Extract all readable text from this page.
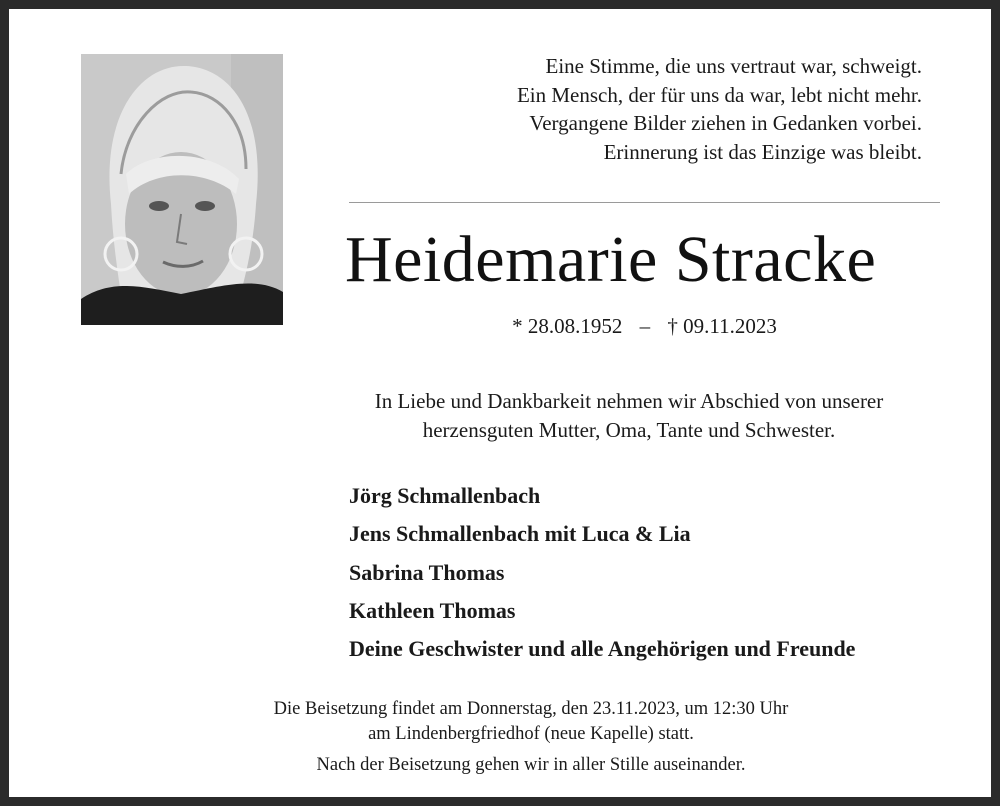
Eine Stimme, die uns vertraut war, schweigt.
Ein Mensch, der für uns da war, lebt nicht mehr.
Vergangene Bilder ziehen in Gedanken vorbei.
Erinnerung ist das Einzige was bleibt.
Heidemarie Stracke
* 28.08.1952 – † 09.11.2023
In Liebe und Dankbarkeit nehmen wir Abschied von unserer
herzensguten Mutter, Oma, Tante und Schwester.
Jörg Schmallenbach
Jens Schmallenbach mit Luca & Lia
Sabrina Thomas
Kathleen Thomas
Deine Geschwister und alle Angehörigen und Freunde
Die Beisetzung findet am Donnerstag, den 23.11.2023, um 12:30 Uhr
am Lindenbergfriedhof (neue Kapelle) statt.
Nach der Beisetzung gehen wir in aller Stille auseinander.
